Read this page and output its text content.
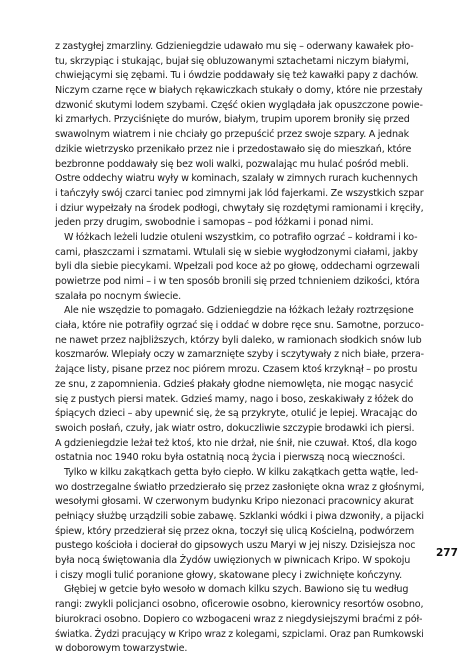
z zastygłej zmarzliny. Gdzieniegdzie udawało mu się – oderwany kawałek pło-
tu, skrzypiąc i stukając, bujał się obluzowanymi sztachetami niczym białymi,
chwiejącymi się zębami. Tu i ówdzie poddawały się też kawałki papy z dachów.
Niczym czarne ręce w białych rękawiczkach stukały o domy, które nie przestały
dzwonić skutymi lodem szybami. Część okien wyglądała jak opuszczone powie-
ki zmarłych. Przyciśnięte do murów, białym, trupim uporem broniły się przed
swawolnym wiatrem i nie chciały go przepuścić przez swoje szpary. A jednak
dzikie wietrzysko przenikało przez nie i przedostawało się do mieszkań, które
bezbronne poddawały się bez woli walki, pozwalając mu hulać pośród mebli.
Ostre oddechy wiatru wyły w kominach, szalały w zimnych rurach kuchennych
i tańczyły swój czarci taniec pod zimnymi jak lód fajerkami. Ze wszystkich szpar
i dziur wypełzały na środek podłogi, chwytały się rozdętymi ramionami i kręciły,
jeden przy drugim, swobodnie i samopas – pod łóżkami i ponad nimi.
W łóżkach leżeli ludzie otuleni wszystkim, co potrafiło ogrzać – kołdrami i ko-
cami, płaszczami i szmatami. Wtulali się w siebie wygłodzonymi ciałami, jakby
byli dla siebie piecykami. Wpełzali pod koce aż po głowę, oddechami ogrzewali
powietrze pod nimi – i w ten sposób bronili się przed tchnieniem dzikości, która
szalała po nocnym świecie.
Ale nie wszędzie to pomagało. Gdzieniegdzie na łóżkach leżały roztrzęsione
ciała, które nie potrafiły ogrzać się i oddać w dobre ręce snu. Samotne, porzuco-
ne nawet przez najbliższych, którzy byli daleko, w ramionach słodkich snów lub
koszmarów. Wlepiały oczy w zamarznięte szyby i sczytywały z nich białe, przera-
żające listy, pisane przez noc piórem mrozu. Czasem ktoś krzyknął – po prostu
ze snu, z zapomnienia. Gdzieś płakały głodne niemowlęta, nie mogąc nasycić
się z pustych piersi matek. Gdzieś mamy, nago i boso, zeskakiwały z łóżek do
śpiących dzieci – aby upewnić się, że są przykryte, otulić je lepiej. Wracając do
swoich posłań, czuły, jak wiatr ostro, dokuczliwie szczypie brodawki ich piersi.
A gdzieniegdzie leżał też ktoś, kto nie drżał, nie śnił, nie czuwał. Ktoś, dla kogo
ostatnia noc 1940 roku była ostatnią nocą życia i pierwszą nocą wieczności.
Tylko w kilku zakątkach getta było ciepło. W kilku zakątkach getta wątłe, led-
wo dostrzegalne światło przedzierało się przez zasłonięte okna wraz z głośnymi,
wesołymi głosami. W czerwonym budynku Kripo niezonaci pracownicy akurat
pełniący służbę urządzili sobie zabawę. Szklanki wódki i piwa dzwoniły, a pijacki
śpiew, który przedzierał się przez okna, toczył się ulicą Kościelną, podwórzem
pustego kościoła i docierał do gipsowych uszu Maryi w jej niszy. Dzisiejsza noc
była nocą świętowania dla Żydów uwięzionych w piwnicach Kripo. W spokoju
i ciszy mogli tulić poranione głowy, skatowane plecy i zwichnięte kończyny.
Głębiej w getcie było wesoło w domach kilku szych. Bawiono się tu według
rangi: zwykli policjanci osobno, oficerowie osobno, kierownicy resortów osobno,
biurokraci osobno. Dopiero co wzbogaceni wraz z niegdysiejszymi braćmi z pół-
światka. Żydzi pracujący w Kripo wraz z kolegami, szpiclami. Oraz pan Rumkowski
w doborowym towarzystwie.
277
